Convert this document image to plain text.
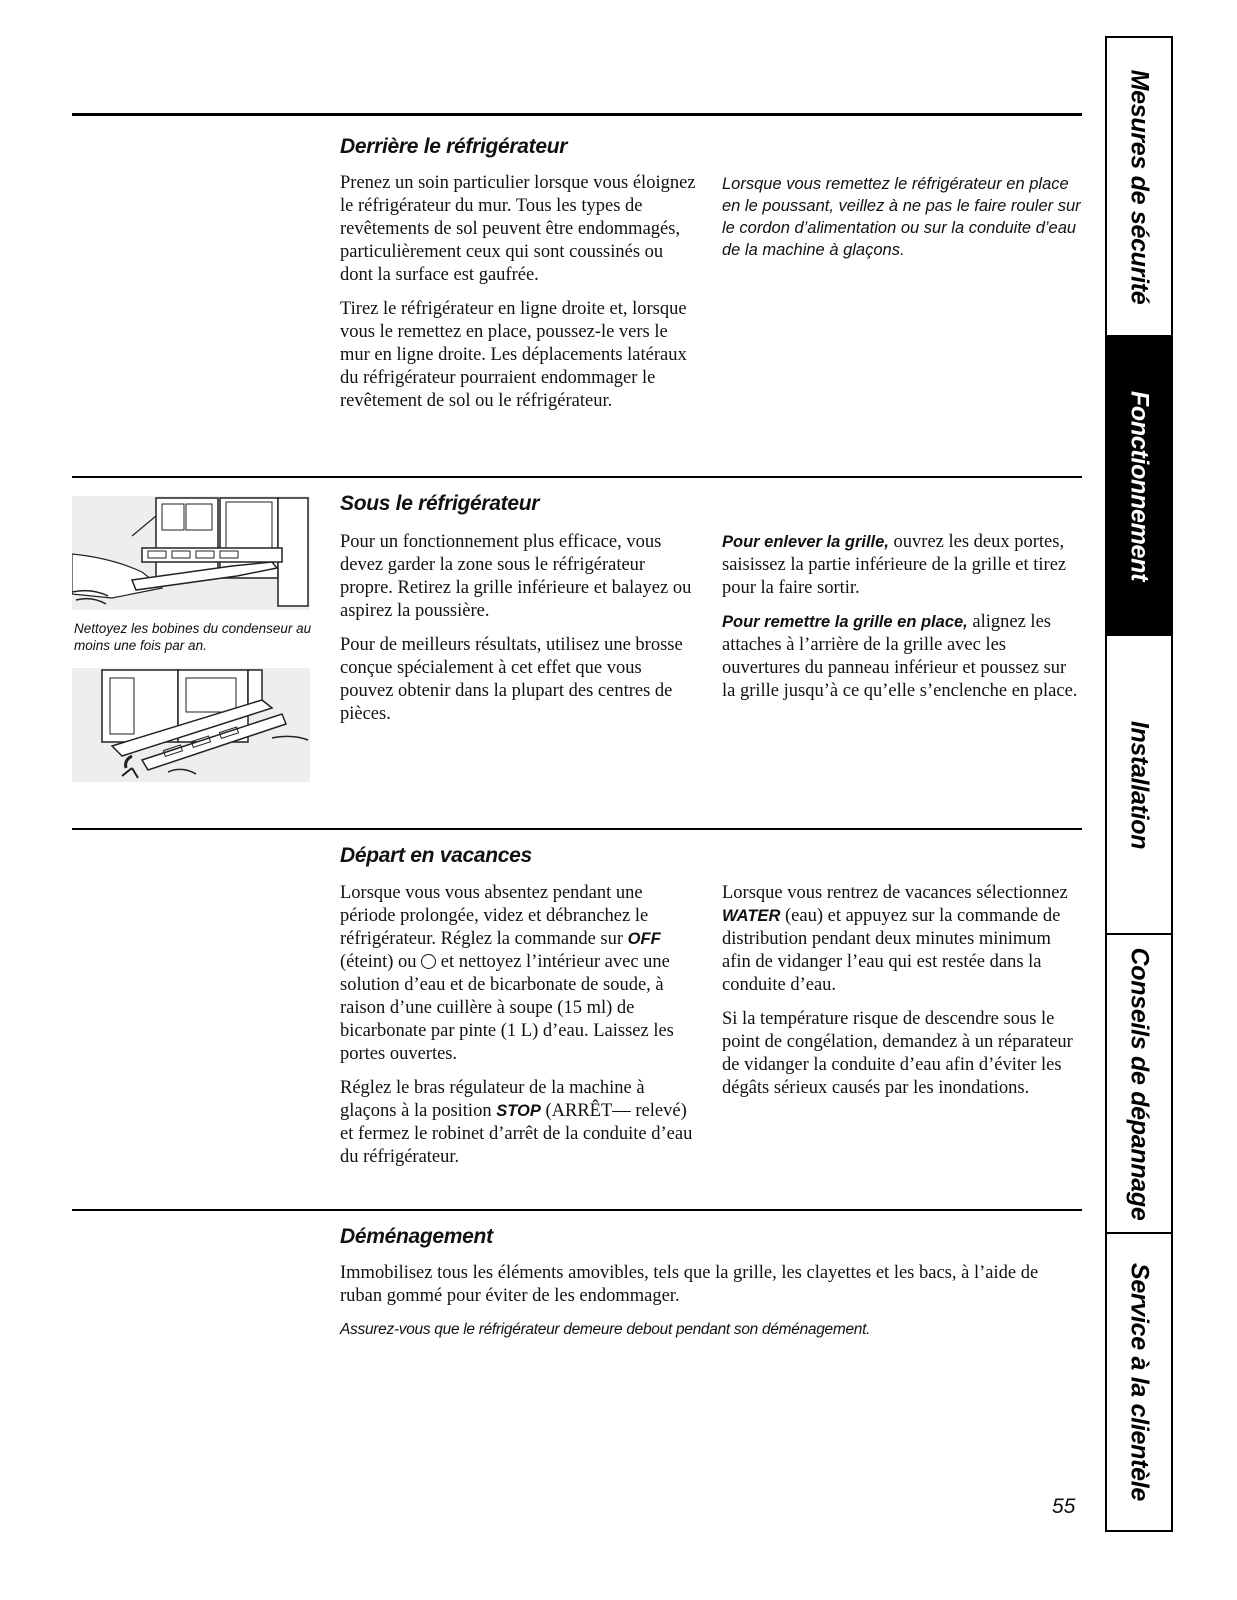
Derrière le réfrigérateur

Prenez un soin particulier lorsque vous éloignez le réfrigérateur du mur. Tous les types de revêtements de sol peuvent être endommagés, particulièrement ceux qui sont coussinés ou dont la surface est gaufrée.

Tirez le réfrigérateur en ligne droite et, lorsque vous le remettez en place, poussez-le vers le mur en ligne droite. Les déplacements latéraux du réfrigérateur pourraient endommager le revêtement de sol ou le réfrigérateur.

Lorsque vous remettez le réfrigérateur en place en le poussant, veillez à ne pas le faire rouler sur le cordon d’alimentation ou sur la conduite d’eau de la machine à glaçons.

Nettoyez les bobines du condenseur au moins une fois par an.
Sous le réfrigérateur

Pour un fonctionnement plus efficace, vous devez garder la zone sous le réfrigérateur propre. Retirez la grille inférieure et balayez ou aspirez la poussière.

Pour de meilleurs résultats, utilisez une brosse conçue spécialement à cet effet que vous pouvez obtenir dans la plupart des centres de pièces.

Pour enlever la grille, ouvrez les deux portes, saisissez la partie inférieure de la grille et tirez pour la faire sortir.

Pour remettre la grille en place, alignez les attaches à l’arrière de la grille avec les ouvertures du panneau inférieur et poussez sur la grille jusqu’à ce qu’elle s’enclenche en place.

Départ en vacances

Lorsque vous vous absentez pendant une période prolongée, videz et débranchez le réfrigérateur. Réglez la commande sur OFF (éteint) ou  et nettoyez l’intérieur avec une solution d’eau et de bicarbonate de soude, à raison d’une cuillère à soupe (15 ml) de bicarbonate par pinte (1 L) d’eau. Laissez les portes ouvertes.

Réglez le bras régulateur de la machine à glaçons à la position STOP (ARRÊT— relevé) et fermez le robinet d’arrêt de la conduite d’eau du réfrigérateur.

Lorsque vous rentrez de vacances sélectionnez WATER (eau) et appuyez sur la commande de distribution pendant deux minutes minimum afin de vidanger l’eau qui est restée dans la conduite d’eau.

Si la température risque de descendre sous le point de congélation, demandez à un réparateur de vidanger la conduite d’eau afin d’éviter les dégâts sérieux causés par les inondations.

Déménagement

Immobilisez tous les éléments amovibles, tels que la grille, les clayettes et les bacs, à l’aide de ruban gommé pour éviter de les endommager.

Assurez-vous que le réfrigérateur demeure debout pendant son déménagement.

55
Mesures de sécurité
Fonctionnement
Installation
Conseils de dépannage
Service à la clientèle
